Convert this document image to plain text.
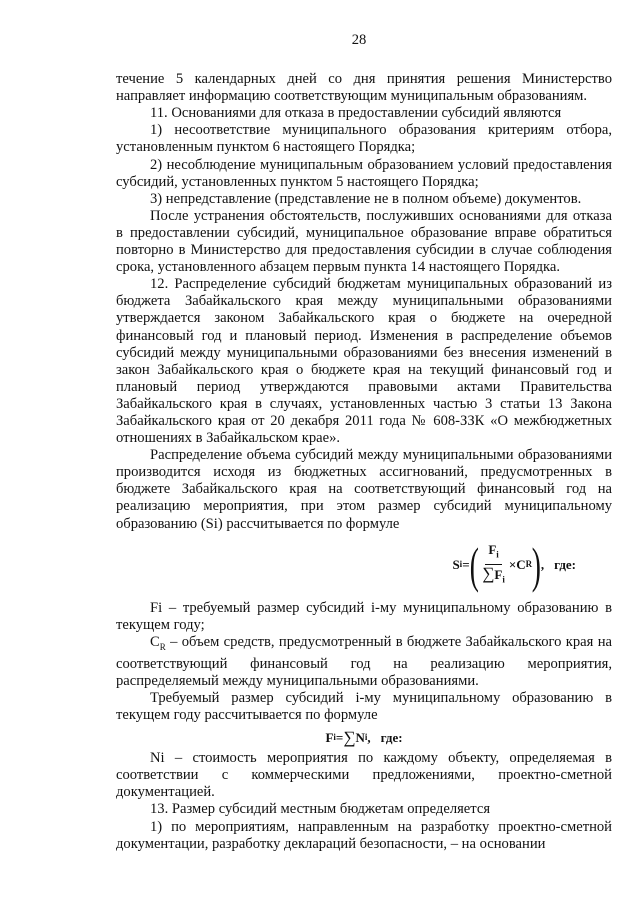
28

течение 5 календарных дней со дня принятия решения Министерство направляет информацию соответствующим муниципальным образованиям.

11. Основаниями для отказа в предоставлении субсидий являются

1) несоответствие муниципального образования критериям отбора, установленным пунктом 6 настоящего Порядка;

2) несоблюдение муниципальным образованием условий предоставления субсидий, установленных пунктом 5 настоящего Порядка;

3) непредставление (представление не в полном объеме) документов.

После устранения обстоятельств, послуживших основаниями для отказа в предоставлении субсидий, муниципальное образование вправе обратиться повторно в Министерство для предоставления субсидии в случае соблюдения срока, установленного абзацем первым пункта 14 настоящего Порядка.

12. Распределение субсидий бюджетам муниципальных образований из бюджета Забайкальского края между муниципальными образованиями утверждается законом Забайкальского края о бюджете на очередной финансовый год и плановый период. Изменения в распределение объемов субсидий между муниципальными образованиями без внесения изменений в закон Забайкальского края о бюджете края на текущий финансовый год и плановый период утверждаются правовыми актами Правительства Забайкальского края в случаях, установленных частью 3 статьи 13 Закона Забайкальского края от 20 декабря 2011 года № 608-ЗЗК «О межбюджетных отношениях в Забайкальском крае».

Распределение объема субсидий между муниципальными образованиями производится исходя из бюджетных ассигнований, предусмотренных в бюджете Забайкальского края на соответствующий финансовый год на реализацию мероприятия, при этом размер субсидий муниципальному образованию (Si) рассчитывается по формуле

S i = ( $\frac{F_i}{\sum F_i} \times C$ R ) , где:

Fi – требуемый размер субсидий i-му муниципальному образованию в текущем году;

$C_R$ – объем средств, предусмотренный в бюджете Забайкальского края на соответствующий финансовый год на реализацию мероприятия, распределяемый между муниципальными образованиями.

Требуемый размер субсидий i-му муниципальному образованию в текущем году рассчитывается по формуле

F i = ∑ N i , где:

Ni – стоимость мероприятия по каждому объекту, определяемая в соответствии с коммерческими предложениями, проектно-сметной документацией.

13. Размер субсидий местным бюджетам определяется

1) по мероприятиям, направленным на разработку проектно-сметной документации, разработку деклараций безопасности, – на основании
